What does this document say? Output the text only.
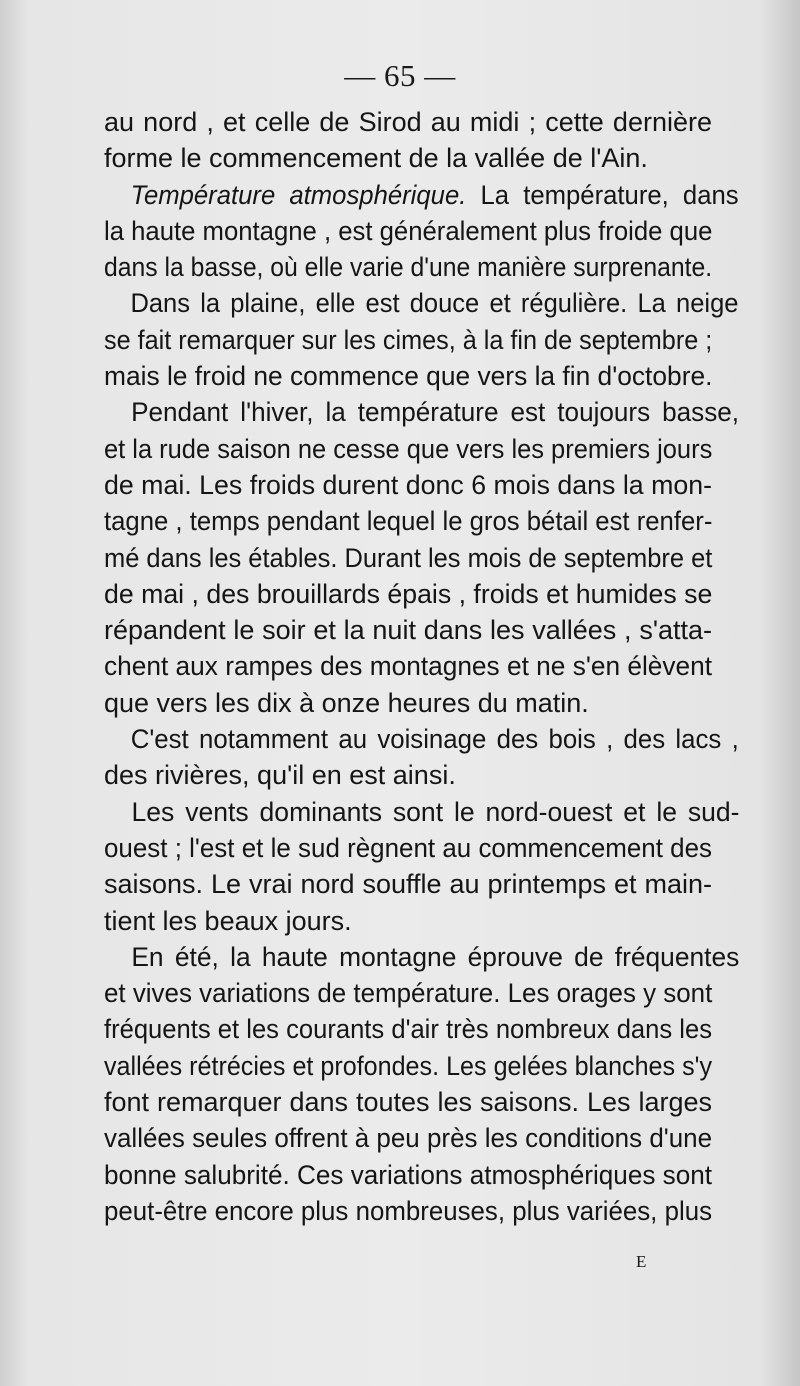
— 65 —
au nord , et celle de Sirod au midi ; cette dernière
forme le commencement de la vallée de l'Ain.
Température atmosphérique. La température, dans
la haute montagne , est généralement plus froide que
dans la basse, où elle varie d'une manière surprenante.
Dans la plaine, elle est douce et régulière. La neige
se fait remarquer sur les cimes, à la fin de septembre ;
mais le froid ne commence que vers la fin d'octobre.
Pendant l'hiver, la température est toujours basse,
et la rude saison ne cesse que vers les premiers jours
de mai. Les froids durent donc 6 mois dans la mon-
tagne , temps pendant lequel le gros bétail est renfer-
mé dans les étables. Durant les mois de septembre et
de mai , des brouillards épais , froids et humides se
répandent le soir et la nuit dans les vallées , s'atta-
chent aux rampes des montagnes et ne s'en élèvent
que vers les dix à onze heures du matin.
C'est notamment au voisinage des bois , des lacs ,
des rivières, qu'il en est ainsi.
Les vents dominants sont le nord-ouest et le sud-
ouest ; l'est et le sud règnent au commencement des
saisons. Le vrai nord souffle au printemps et main-
tient les beaux jours.
En été, la haute montagne éprouve de fréquentes
et vives variations de température. Les orages y sont
fréquents et les courants d'air très nombreux dans les
vallées rétrécies et profondes. Les gelées blanches s'y
font remarquer dans toutes les saisons. Les larges
vallées seules offrent à peu près les conditions d'une
bonne salubrité. Ces variations atmosphériques sont
peut-être encore plus nombreuses, plus variées, plus
E
